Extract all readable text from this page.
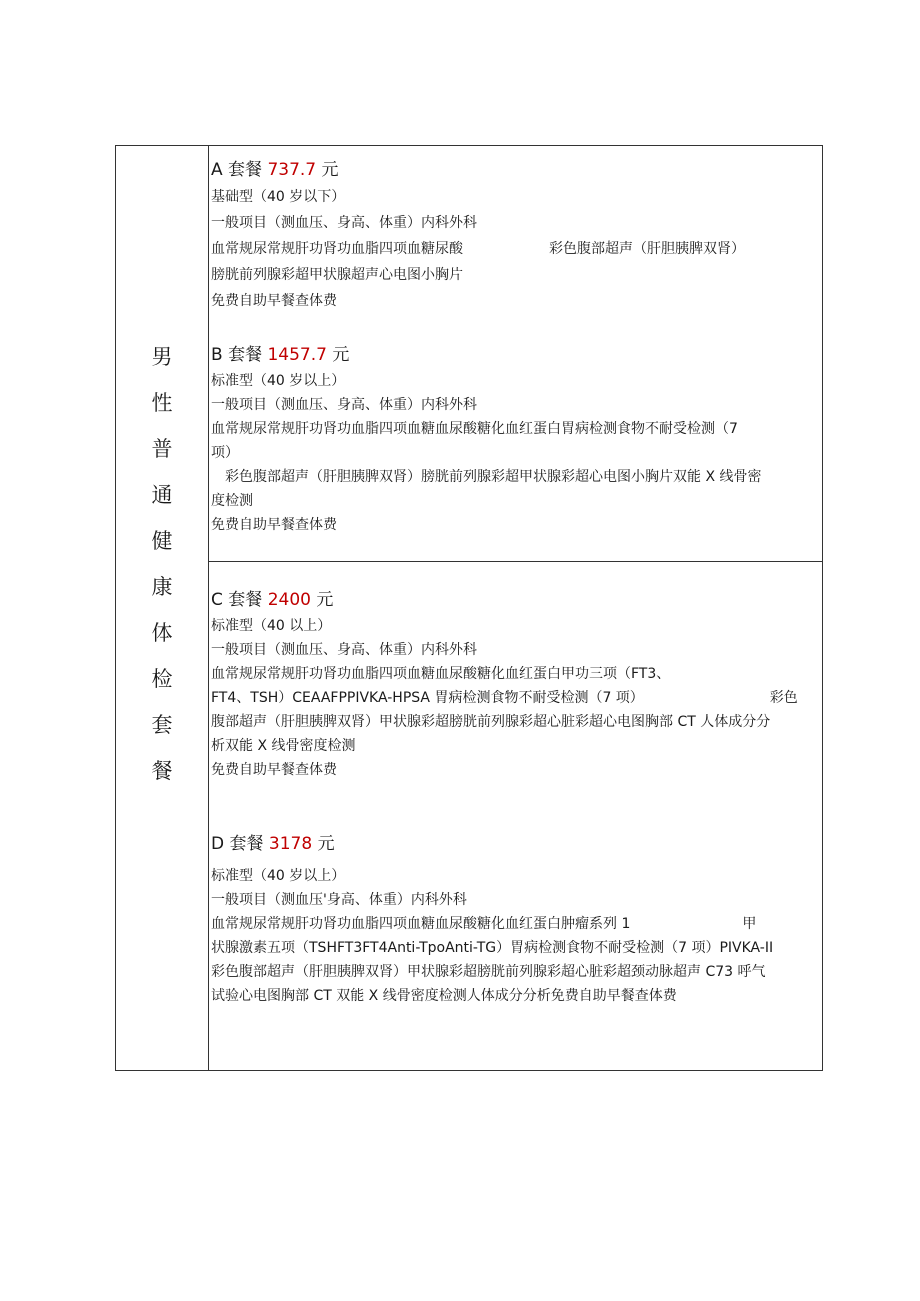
男
性
普
通
健
康
体
检
套
餐
A 套餐 737.7 元
基础型（40 岁以下）
一般项目（测血压、身高、体重）内科外科
血常规尿常规肝功肾功血脂四项血糖尿酸	彩色腹部超声（肝胆胰脾双肾）
膀胱前列腺彩超甲状腺超声心电图小胸片
免费自助早餐查体费
B 套餐 1457.7 元
标准型（40 岁以上）
一般项目（测血压、身高、体重）内科外科
血常规尿常规肝功肾功血脂四项血糖血尿酸糖化血红蛋白胃病检测食物不耐受检测（7
项）
彩色腹部超声（肝胆胰脾双肾）膀胱前列腺彩超甲状腺彩超心电图小胸片双能 X 线骨密
度检测
免费自助早餐查体费
C 套餐 2400 元
标准型（40 以上）
一般项目（测血压、身高、体重）内科外科
血常规尿常规肝功肾功血脂四项血糖血尿酸糖化血红蛋白甲功三项（FT3、
FT4、TSH）CEAAFPPIVKA-HPSA 胃病检测食物不耐受检测（7 项）	彩色
腹部超声（肝胆胰脾双肾）甲状腺彩超膀胱前列腺彩超心脏彩超心电图胸部 CT 人体成分分
析双能 X 线骨密度检测
免费自助早餐查体费
D 套餐 3178 元
标准型（40 岁以上）
一般项目（测血压'身高、体重）内科外科
血常规尿常规肝功肾功血脂四项血糖血尿酸糖化血红蛋白肿瘤系列 1	甲
状腺激素五项（TSHFT3FT4Anti-TpoAnti-TG）胃病检测食物不耐受检测（7 项）PIVKA-II
彩色腹部超声（肝胆胰脾双肾）甲状腺彩超膀胱前列腺彩超心脏彩超颈动脉超声 C73 呼气
试验心电图胸部 CT 双能 X 线骨密度检测人体成分分析免费自助早餐查体费
